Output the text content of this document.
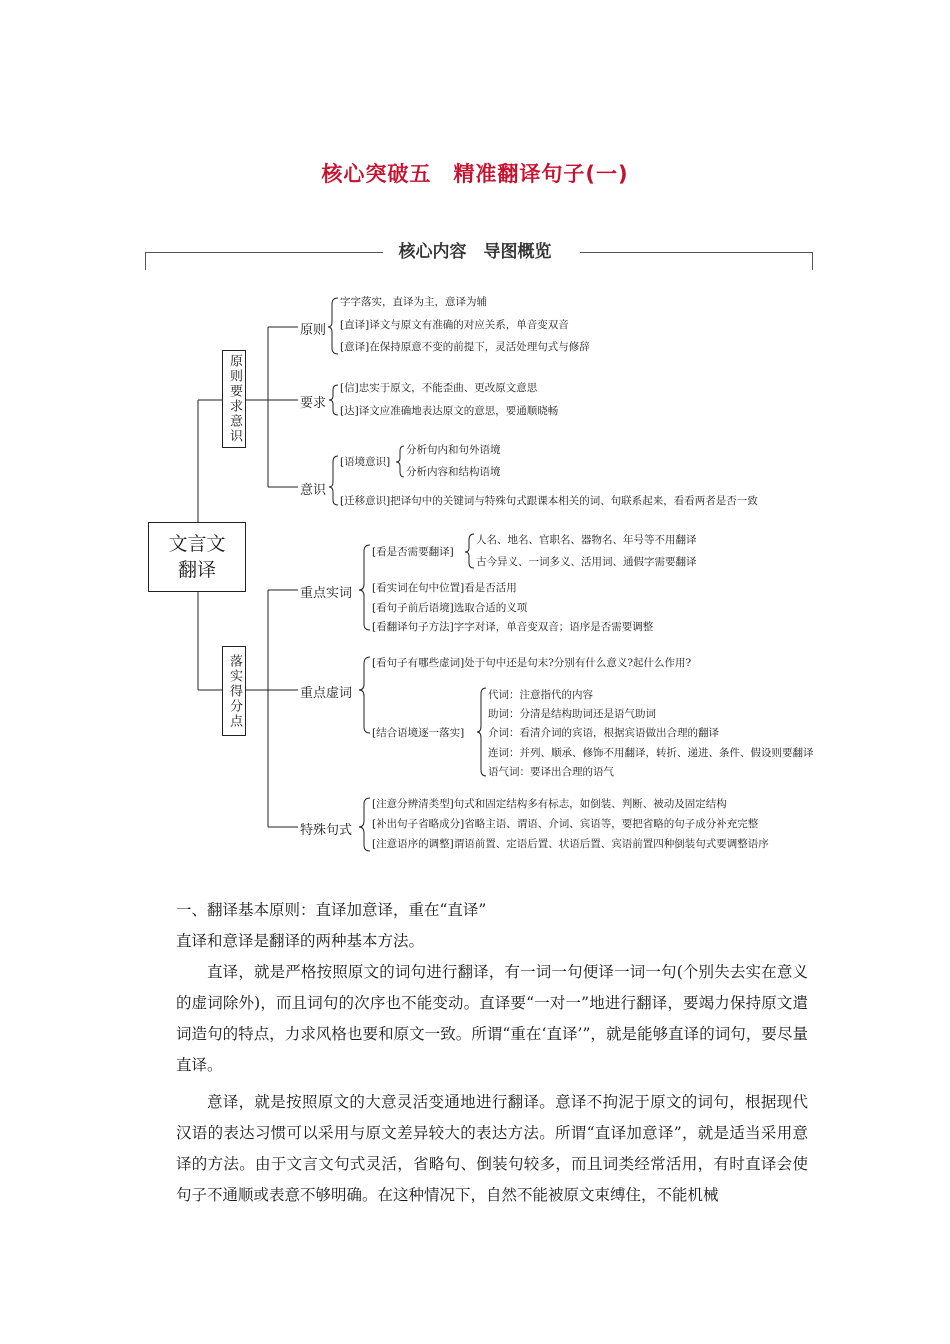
核心突破五　精准翻译句子(一)
核心内容　导图概览
文言文
翻译
原则要求意识
落实得分点
原则
要求
意识
重点实词
重点虚词
特殊句式
字字落实，直译为主，意译为辅
[直译]译文与原文有准确的对应关系，单音变双音
[意译]在保持原意不变的前提下，灵活处理句式与修辞
[信]忠实于原文，不能歪曲、更改原文意思
[达]译文应准确地表达原文的意思，要通顺晓畅
[语境意识]
分析句内和句外语境
分析内容和结构语境
[迁移意识]把译句中的关键词与特殊句式跟课本相关的词、句联系起来，看看两者是否一致
[看是否需要翻译]
人名、地名、官职名、器物名、年号等不用翻译
古今异义、一词多义、活用词、通假字需要翻译
[看实词在句中位置]看是否活用
[看句子前后语境]选取合适的义项
[看翻译句子方法]字字对译，单音变双音；语序是否需要调整
[看句子有哪些虚词]处于句中还是句末?分别有什么意义?起什么作用?
[结合语境逐一落实]
代词：注意指代的内容
助词：分清是结构助词还是语气助词
介词：看清介词的宾语，根据宾语做出合理的翻译
连词：并列、顺承、修饰不用翻译，转折、递进、条件、假设则要翻译
语气词：要译出合理的语气
[注意分辨清类型]句式和固定结构多有标志，如倒装、判断、被动及固定结构
[补出句子省略成分]省略主语、谓语、介词、宾语等，要把省略的句子成分补充完整
[注意语序的调整]谓语前置、定语后置、状语后置、宾语前置四种倒装句式要调整语序

一、翻译基本原则：直译加意译，重在“直译”

直译和意译是翻译的两种基本方法。

直译，就是严格按照原文的词句进行翻译，有一词一句便译一词一句(个别失去实在意义的虚词除外)，而且词句的次序也不能变动。直译要“一对一”地进行翻译，要竭力保持原文遣词造句的特点，力求风格也要和原文一致。所谓“重在‘直译’”，就是能够直译的词句，要尽量直译。

意译，就是按照原文的大意灵活变通地进行翻译。意译不拘泥于原文的词句，根据现代汉语的表达习惯可以采用与原文差异较大的表达方法。所谓“直译加意译”，就是适当采用意译的方法。由于文言文句式灵活，省略句、倒装句较多，而且词类经常活用，有时直译会使句子不通顺或表意不够明确。在这种情况下，自然不能被原文束缚住，不能机械
